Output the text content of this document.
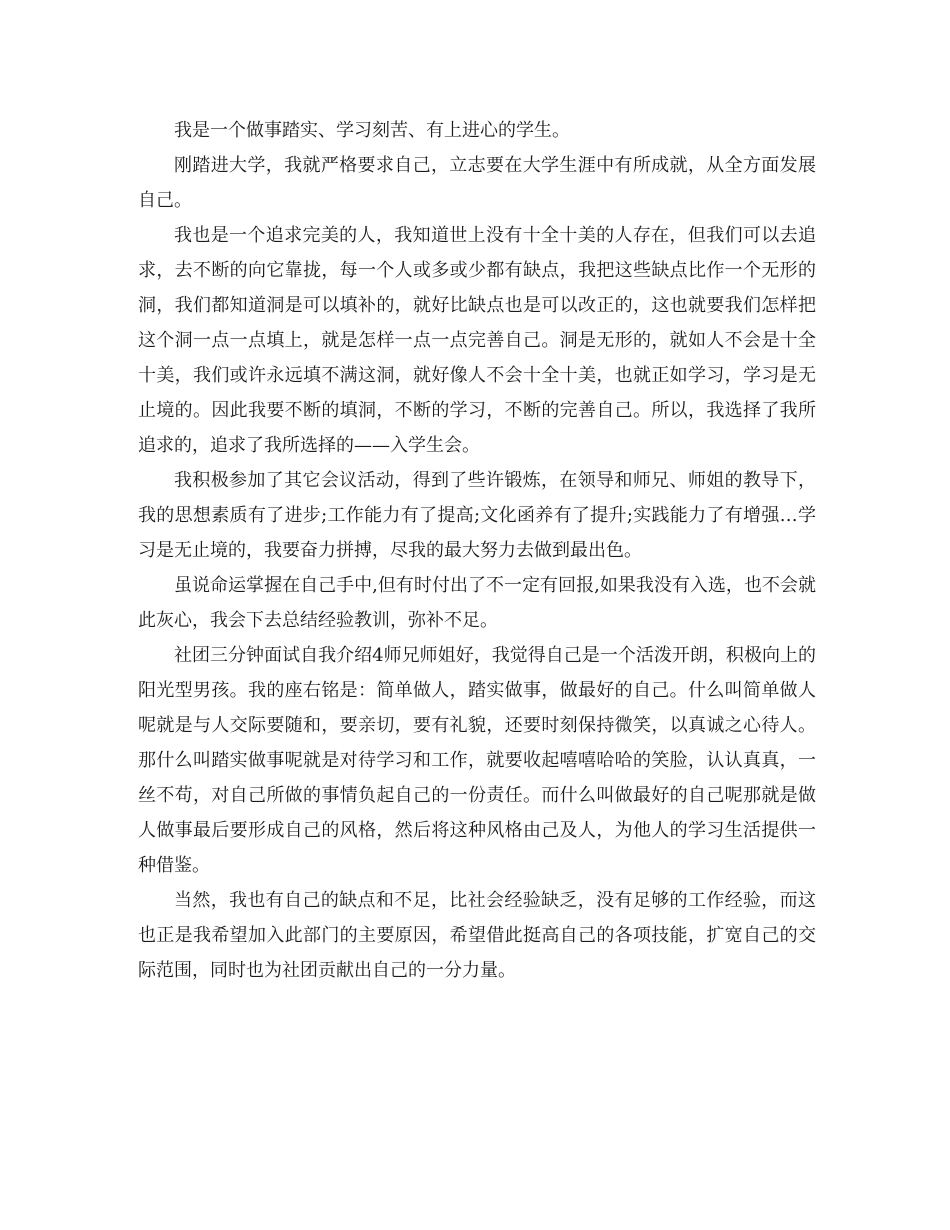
我是一个做事踏实、学习刻苦、有上进心的学生。

刚踏进大学，我就严格要求自己，立志要在大学生涯中有所成就，从全方面发展自己。

我也是一个追求完美的人，我知道世上没有十全十美的人存在，但我们可以去追求，去不断的向它靠拢，每一个人或多或少都有缺点，我把这些缺点比作一个无形的洞，我们都知道洞是可以填补的，就好比缺点也是可以改正的，这也就要我们怎样把这个洞一点一点填上，就是怎样一点一点完善自己。洞是无形的，就如人不会是十全十美，我们或许永远填不满这洞，就好像人不会十全十美，也就正如学习，学习是无止境的。因此我要不断的填洞，不断的学习，不断的完善自己。所以，我选择了我所追求的，追求了我所选择的——入学生会。

我积极参加了其它会议活动，得到了些许锻炼，在领导和师兄、师姐的教导下，我的思想素质有了进步;工作能力有了提高;文化函养有了提升;实践能力了有增强…学习是无止境的，我要奋力拼搏，尽我的最大努力去做到最出色。

虽说命运掌握在自己手中,但有时付出了不一定有回报,如果我没有入选，也不会就此灰心，我会下去总结经验教训，弥补不足。

社团三分钟面试自我介绍4师兄师姐好，我觉得自己是一个活泼开朗，积极向上的阳光型男孩。我的座右铭是：简单做人，踏实做事，做最好的自己。什么叫简单做人呢就是与人交际要随和，要亲切，要有礼貌，还要时刻保持微笑，以真诚之心待人。那什么叫踏实做事呢就是对待学习和工作，就要收起嘻嘻哈哈的笑脸，认认真真，一丝不苟，对自己所做的事情负起自己的一份责任。而什么叫做最好的自己呢那就是做人做事最后要形成自己的风格，然后将这种风格由己及人，为他人的学习生活提供一种借鉴。

当然，我也有自己的缺点和不足，比社会经验缺乏，没有足够的工作经验，而这也正是我希望加入此部门的主要原因，希望借此挺高自己的各项技能，扩宽自己的交际范围，同时也为社团贡献出自己的一分力量。
